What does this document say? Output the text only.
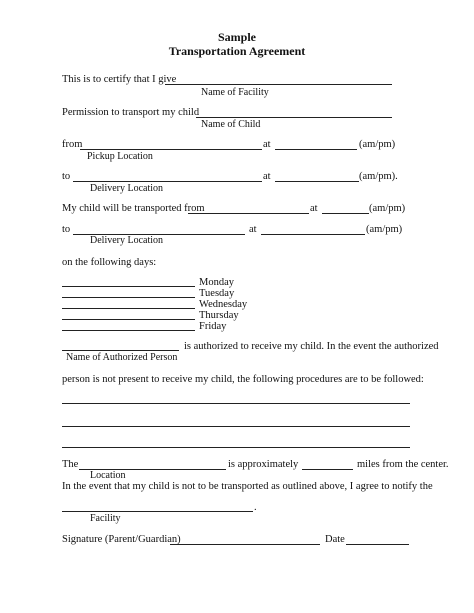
Sample
Transportation Agreement
This is to certify that I give
Name of Facility
Permission to transport my child
Name of Child
from	at	(am/pm)
Pickup Location
to	at	(am/pm).
Delivery Location
My child will be transported from	at	(am/pm)
to	at	(am/pm)
Delivery Location
on the following days:
Monday
Tuesday
Wednesday
Thursday
Friday
is authorized to receive my child. In the event the authorized
Name of Authorized Person
person is not present to receive my child, the following procedures are to be followed:
The	is approximately	miles from the center.
Location
In the event that my child is not to be transported as outlined above, I agree to notify the
.
Facility
Signature (Parent/Guardian)	Date
